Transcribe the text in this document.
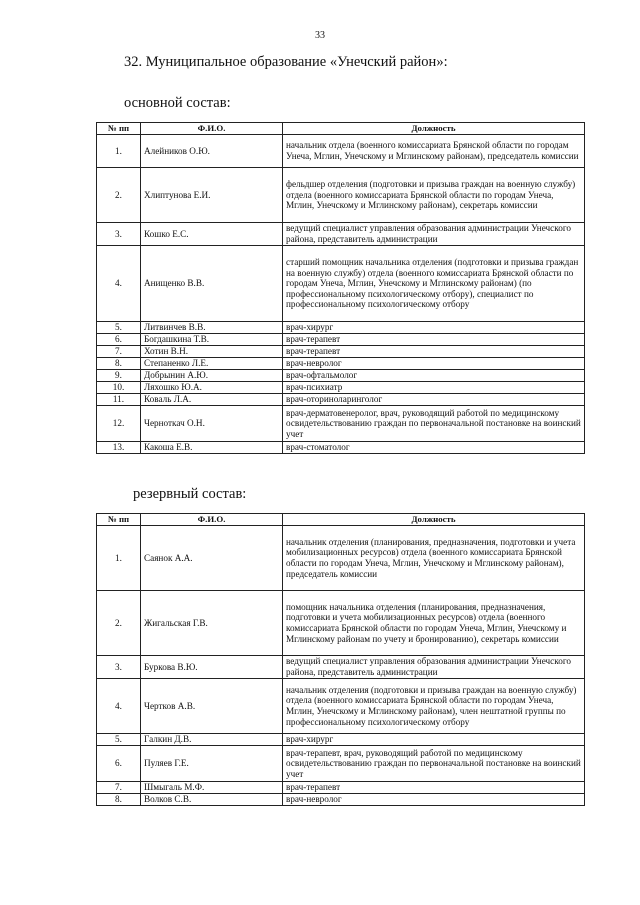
33
32. Муниципальное образование «Унечский район»:
основной состав:
№ пп	Ф.И.О.	Должность
1.	Алейников О.Ю.	начальник отдела (военного комиссариата Брянской области по городам Унеча, Мглин, Унечскому и Мглинскому районам), председатель комиссии
2.	Хлиптунова Е.И.	фельдшер отделения (подготовки и призыва граждан на военную службу) отдела (военного комиссариата Брянской области по городам Унеча, Мглин, Унечскому и Мглинскому районам), секретарь комиссии
3.	Кошко Е.С.	ведущий специалист управления образования администрации Унечского района, представитель администрации
4.	Анищенко В.В.	старший помощник начальника отделения (подготовки и призыва граждан на военную службу) отдела (военного комиссариата Брянской области по городам Унеча, Мглин, Унечскому и Мглинскому районам) (по профессиональному психологическому отбору), специалист по профессиональному психологическому отбору
5.	Литвинчев В.В.	врач-хирург
6.	Богдашкина Т.В.	врач-терапевт
7.	Хотин В.Н.	врач-терапевт
8.	Степаненко Л.Е.	врач-невролог
9.	Добрынин А.Ю.	врач-офтальмолог
10.	Ляхошко Ю.А.	врач-психиатр
11.	Коваль Л.А.	врач-оториноларинголог
12.	Черноткач О.Н.	врач-дерматовенеролог, врач, руководящий работой по медицинскому освидетельствованию граждан по первоначальной постановке на воинский учет
13.	Какоша Е.В.	врач-стоматолог
резервный состав:
№ пп	Ф.И.О.	Должность
1.	Саянок А.А.	начальник отделения (планирования, предназначения, подготовки и учета мобилизационных ресурсов) отдела (военного комиссариата Брянской области по городам Унеча, Мглин, Унечскому и Мглинскому районам), председатель комиссии
2.	Жигальская Г.В.	помощник начальника отделения (планирования, предназначения, подготовки и учета мобилизационных ресурсов) отдела (военного комиссариата Брянской области по городам Унеча, Мглин, Унечскому и Мглинскому районам по учету и бронированию), секретарь комиссии
3.	Буркова В.Ю.	ведущий специалист управления образования администрации Унечского района, представитель администрации
4.	Чертков А.В.	начальник отделения (подготовки и призыва граждан на военную службу) отдела (военного комиссариата Брянской области по городам Унеча, Мглин, Унечскому и Мглинскому районам), член нештатной группы по профессиональному психологическому отбору
5.	Галкин Д.В.	врач-хирург
6.	Пуляев Г.Е.	врач-терапевт, врач, руководящий работой по медицинскому освидетельствованию граждан по первоначальной постановке на воинский учет
7.	Шмыгаль М.Ф.	врач-терапевт
8.	Волков С.В.	врач-невролог
